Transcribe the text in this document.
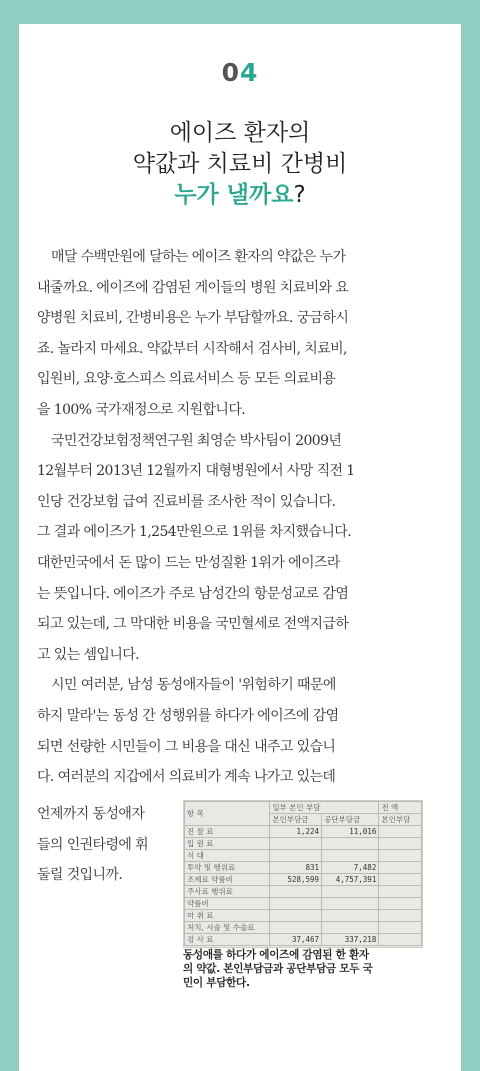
04
에이즈 환자의
약값과 치료비 간병비
누가 낼까요?

매달 수백만원에 달하는 에이즈 환자의 약값은 누가
내줄까요. 에이즈에 감염된 게이들의 병원 치료비와 요
양병원 치료비, 간병비용은 누가 부담할까요. 궁금하시
죠. 놀라지 마세요. 약값부터 시작해서 검사비, 치료비,
입원비, 요양·호스피스 의료서비스 등 모든 의료비용
을 100% 국가재정으로 지원합니다.

국민건강보험정책연구원 최영순 박사팀이 2009년
12월부터 2013년 12월까지 대형병원에서 사망 직전 1
인당 건강보험 급여 진료비를 조사한 적이 있습니다.
그 결과 에이즈가 1,254만원으로 1위를 차지했습니다.
대한민국에서 돈 많이 드는 만성질환 1위가 에이즈라
는 뜻입니다. 에이즈가 주로 남성간의 항문성교로 감염
되고 있는데, 그 막대한 비용을 국민혈세로 전액지급하
고 있는 셈입니다.

시민 여러분, 남성 동성애자들이 '위험하기 때문에
하지 말라'는 동성 간 성행위를 하다가 에이즈에 감염
되면 선량한 시민들이 그 비용을 대신 내주고 있습니
다. 여러분의 지갑에서 의료비가 계속 나가고 있는데

언제까지 동성애자
들의 인권타령에 휘
둘릴 것입니까.
항 목	일부 본인 부담		전 액
	본인부담금	공단부담금	본인부담
진 찰 료	1,224	11,016	
입 원 료			
식 대			
투약 및 행위료	831	7,482	
조제료 약품비	528,599	4,757,391	
주사료 행위료			
약품비			
마 취 료			
처치, 시술 및 수술료			
검 사 료	37,467	337,218	
동성애를 하다가 에이즈에 감염된 한 환자
의 약값. 본인부담금과 공단부담금 모두 국
민이 부담한다.
